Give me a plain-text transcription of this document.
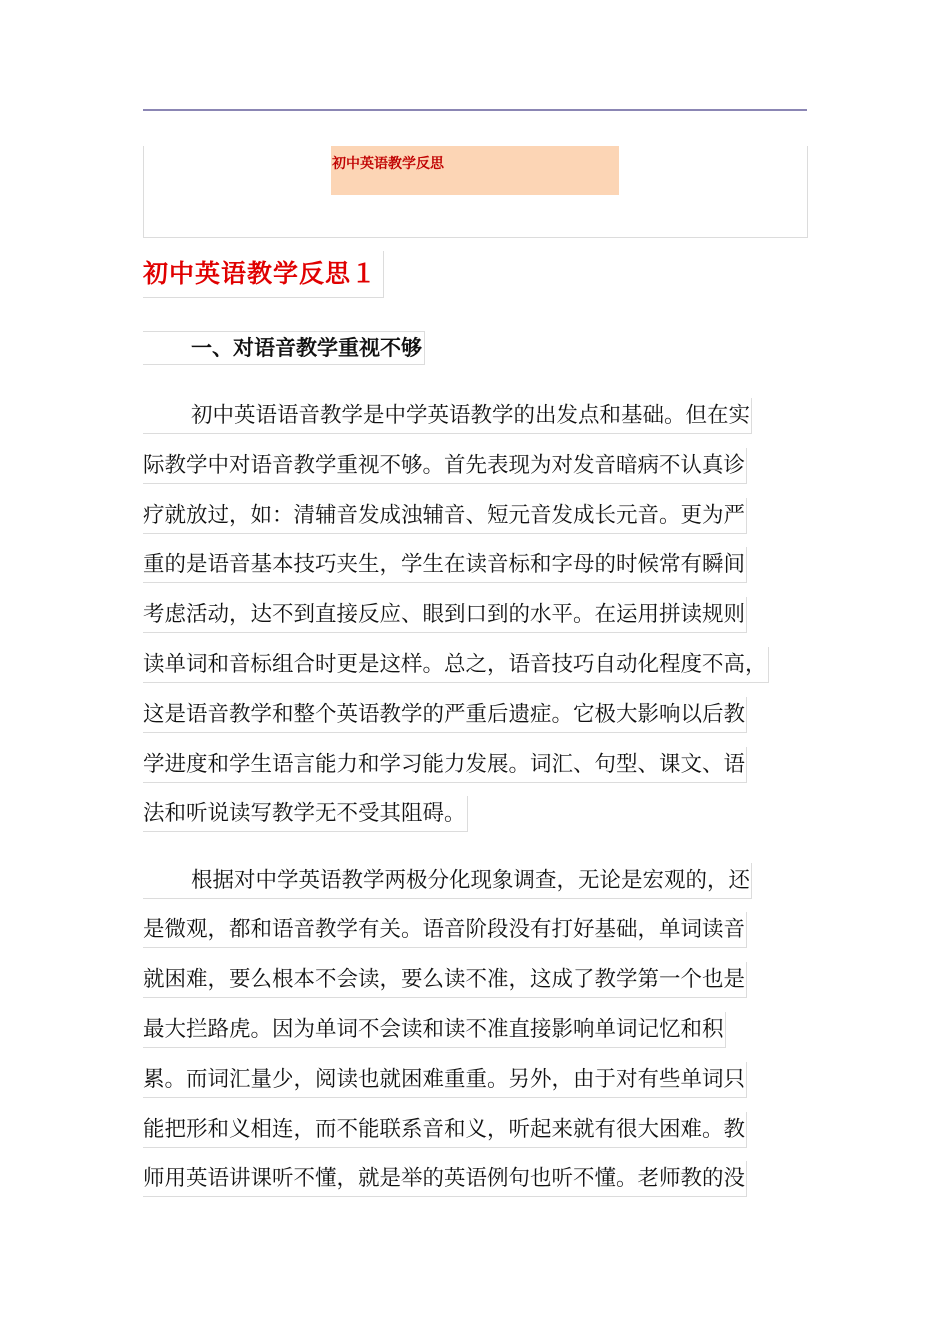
初中英语教学反思
初中英语教学反思１
一、对语音教学重视不够
初中英语语音教学是中学英语教学的出发点和基础。但在实
际教学中对语音教学重视不够。首先表现为对发音暗病不认真诊
疗就放过，如：清辅音发成浊辅音、短元音发成长元音。更为严
重的是语音基本技巧夹生，学生在读音标和字母的时候常有瞬间
考虑活动，达不到直接反应、眼到口到的水平。在运用拼读规则
读单词和音标组合时更是这样。总之，语音技巧自动化程度不高，
这是语音教学和整个英语教学的严重后遗症。它极大影响以后教
学进度和学生语言能力和学习能力发展。词汇、句型、课文、语
法和听说读写教学无不受其阻碍。
根据对中学英语教学两极分化现象调查，无论是宏观的，还
是微观，都和语音教学有关。语音阶段没有打好基础，单词读音
就困难，要么根本不会读，要么读不准，这成了教学第一个也是
最大拦路虎。因为单词不会读和读不准直接影响单词记忆和积
累。而词汇量少，阅读也就困难重重。另外，由于对有些单词只
能把形和义相连，而不能联系音和义，听起来就有很大困难。教
师用英语讲课听不懂，就是举的英语例句也听不懂。老师教的没
